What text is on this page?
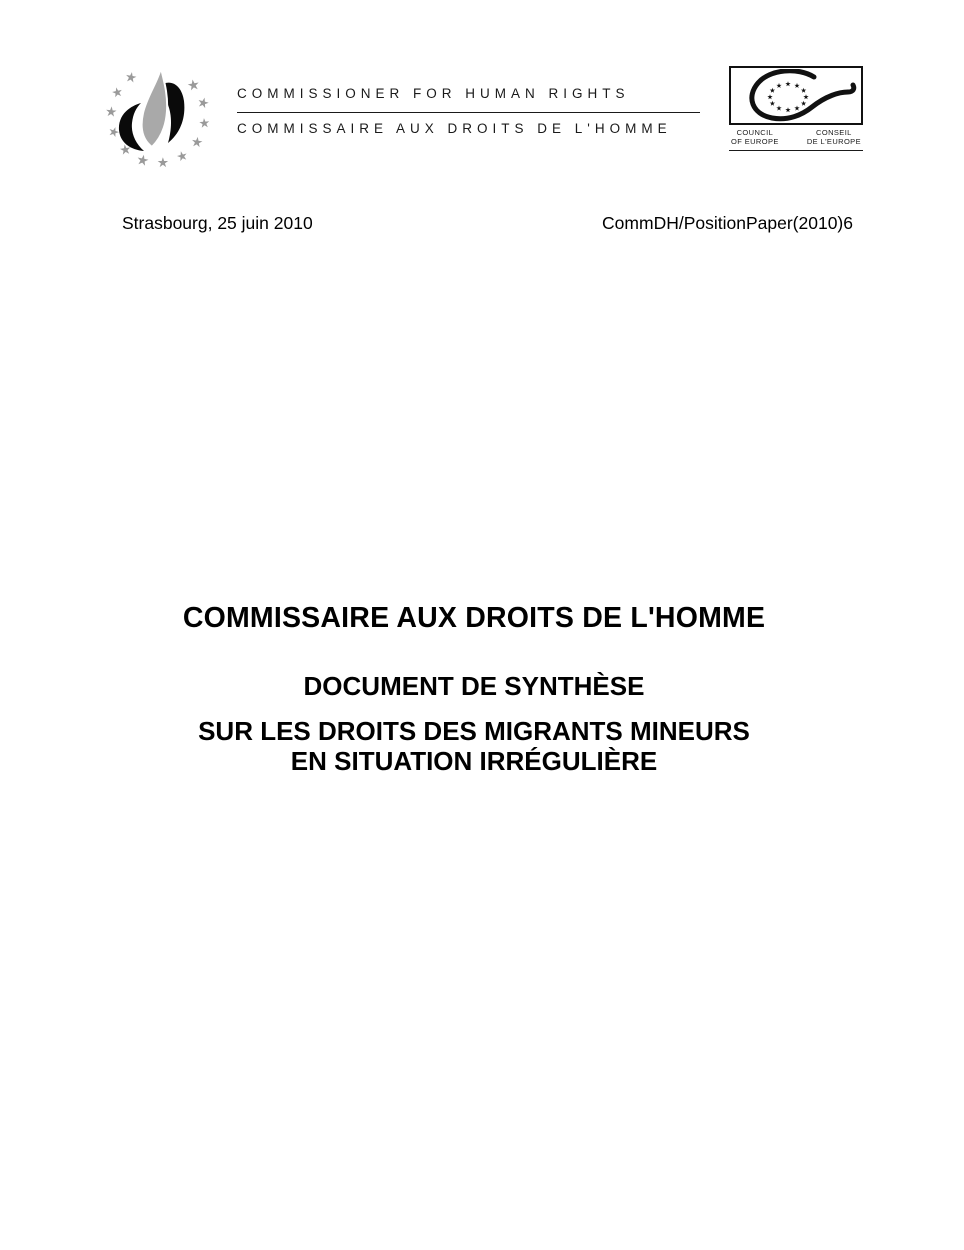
COMMISSIONER FOR HUMAN RIGHTS
COMMISSAIRE AUX DROITS DE L'HOMME	COUNCIL
OF EUROPE
CONSEIL
DE L'EUROPE
Strasbourg, 25 juin 2010	CommDH/PositionPaper(2010)6
COMMISSAIRE AUX DROITS DE L'HOMME
DOCUMENT DE SYNTHÈSE
SUR LES DROITS DES MIGRANTS MINEURS
EN SITUATION IRRÉGULIÈRE
